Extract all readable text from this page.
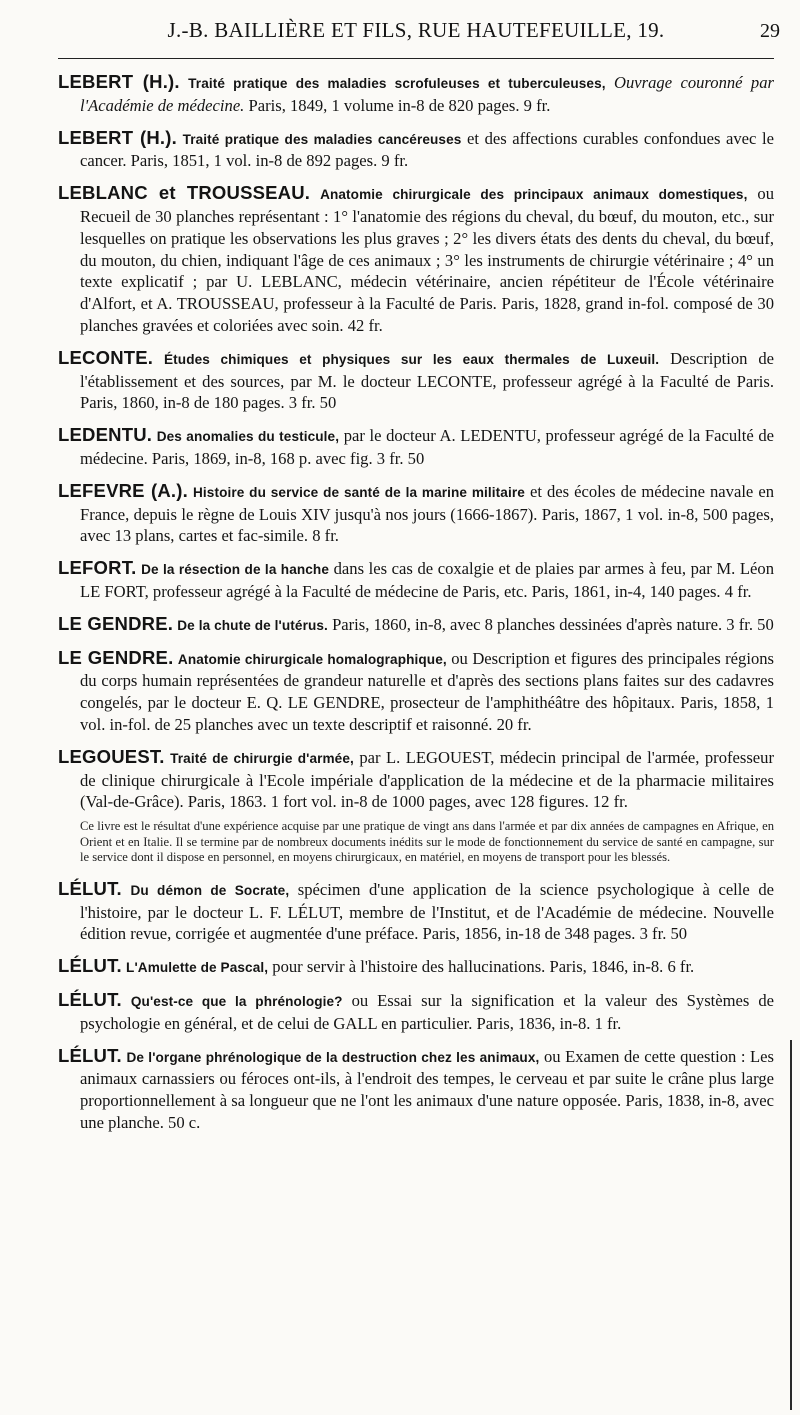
J.-B. BAILLIÈRE ET FILS, RUE HAUTEFEUILLE, 19.	29

LEBERT (H.). Traité pratique des maladies scrofuleuses et tuberculeuses, Ouvrage couronné par l'Académie de médecine. Paris, 1849, 1 volume in-8 de 820 pages. 9 fr.

LEBERT (H.). Traité pratique des maladies cancéreuses et des affections curables confondues avec le cancer. Paris, 1851, 1 vol. in-8 de 892 pages. 9 fr.

LEBLANC et TROUSSEAU. Anatomie chirurgicale des principaux animaux domestiques, ou Recueil de 30 planches représentant : 1° l'anatomie des régions du cheval, du bœuf, du mouton, etc., sur lesquelles on pratique les observations les plus graves ; 2° les divers états des dents du cheval, du bœuf, du mouton, du chien, indiquant l'âge de ces animaux ; 3° les instruments de chirurgie vétérinaire ; 4° un texte explicatif ; par U. LEBLANC, médecin vétérinaire, ancien répétiteur de l'École vétérinaire d'Alfort, et A. TROUSSEAU, professeur à la Faculté de Paris. Paris, 1828, grand in-fol. composé de 30 planches gravées et coloriées avec soin. 42 fr.

LECONTE. Études chimiques et physiques sur les eaux thermales de Luxeuil. Description de l'établissement et des sources, par M. le docteur LECONTE, professeur agrégé à la Faculté de Paris. Paris, 1860, in-8 de 180 pages. 3 fr. 50

LEDENTU. Des anomalies du testicule, par le docteur A. LEDENTU, professeur agrégé de la Faculté de médecine. Paris, 1869, in-8, 168 p. avec fig. 3 fr. 50

LEFEVRE (A.). Histoire du service de santé de la marine militaire et des écoles de médecine navale en France, depuis le règne de Louis XIV jusqu'à nos jours (1666-1867). Paris, 1867, 1 vol. in-8, 500 pages, avec 13 plans, cartes et fac-simile. 8 fr.

LEFORT. De la résection de la hanche dans les cas de coxalgie et de plaies par armes à feu, par M. Léon LE FORT, professeur agrégé à la Faculté de médecine de Paris, etc. Paris, 1861, in-4, 140 pages. 4 fr.

LE GENDRE. De la chute de l'utérus. Paris, 1860, in-8, avec 8 planches dessinées d'après nature. 3 fr. 50

LE GENDRE. Anatomie chirurgicale homalographique, ou Description et figures des principales régions du corps humain représentées de grandeur naturelle et d'après des sections plans faites sur des cadavres congelés, par le docteur E. Q. LE GENDRE, prosecteur de l'amphithéâtre des hôpitaux. Paris, 1858, 1 vol. in-fol. de 25 planches avec un texte descriptif et raisonné. 20 fr.

LEGOUEST. Traité de chirurgie d'armée, par L. LEGOUEST, médecin principal de l'armée, professeur de clinique chirurgicale à l'Ecole impériale d'application de la médecine et de la pharmacie militaires (Val-de-Grâce). Paris, 1863. 1 fort vol. in-8 de 1000 pages, avec 128 figures. 12 fr.

Ce livre est le résultat d'une expérience acquise par une pratique de vingt ans dans l'armée et par dix années de campagnes en Afrique, en Orient et en Italie. Il se termine par de nombreux documents inédits sur le mode de fonctionnement du service de santé en campagne, sur le service dont il dispose en personnel, en moyens chirurgicaux, en matériel, en moyens de transport pour les blessés.

LÉLUT. Du démon de Socrate, spécimen d'une application de la science psychologique à celle de l'histoire, par le docteur L. F. LÉLUT, membre de l'Institut, et de l'Académie de médecine. Nouvelle édition revue, corrigée et augmentée d'une préface. Paris, 1856, in-18 de 348 pages. 3 fr. 50

LÉLUT. L'Amulette de Pascal, pour servir à l'histoire des hallucinations. Paris, 1846, in-8. 6 fr.

LÉLUT. Qu'est-ce que la phrénologie? ou Essai sur la signification et la valeur des Systèmes de psychologie en général, et de celui de GALL en particulier. Paris, 1836, in-8. 1 fr.

LÉLUT. De l'organe phrénologique de la destruction chez les animaux, ou Examen de cette question : Les animaux carnassiers ou féroces ont-ils, à l'endroit des tempes, le cerveau et par suite le crâne plus large proportionnellement à sa longueur que ne l'ont les animaux d'une nature opposée. Paris, 1838, in-8, avec une planche. 50 c.
